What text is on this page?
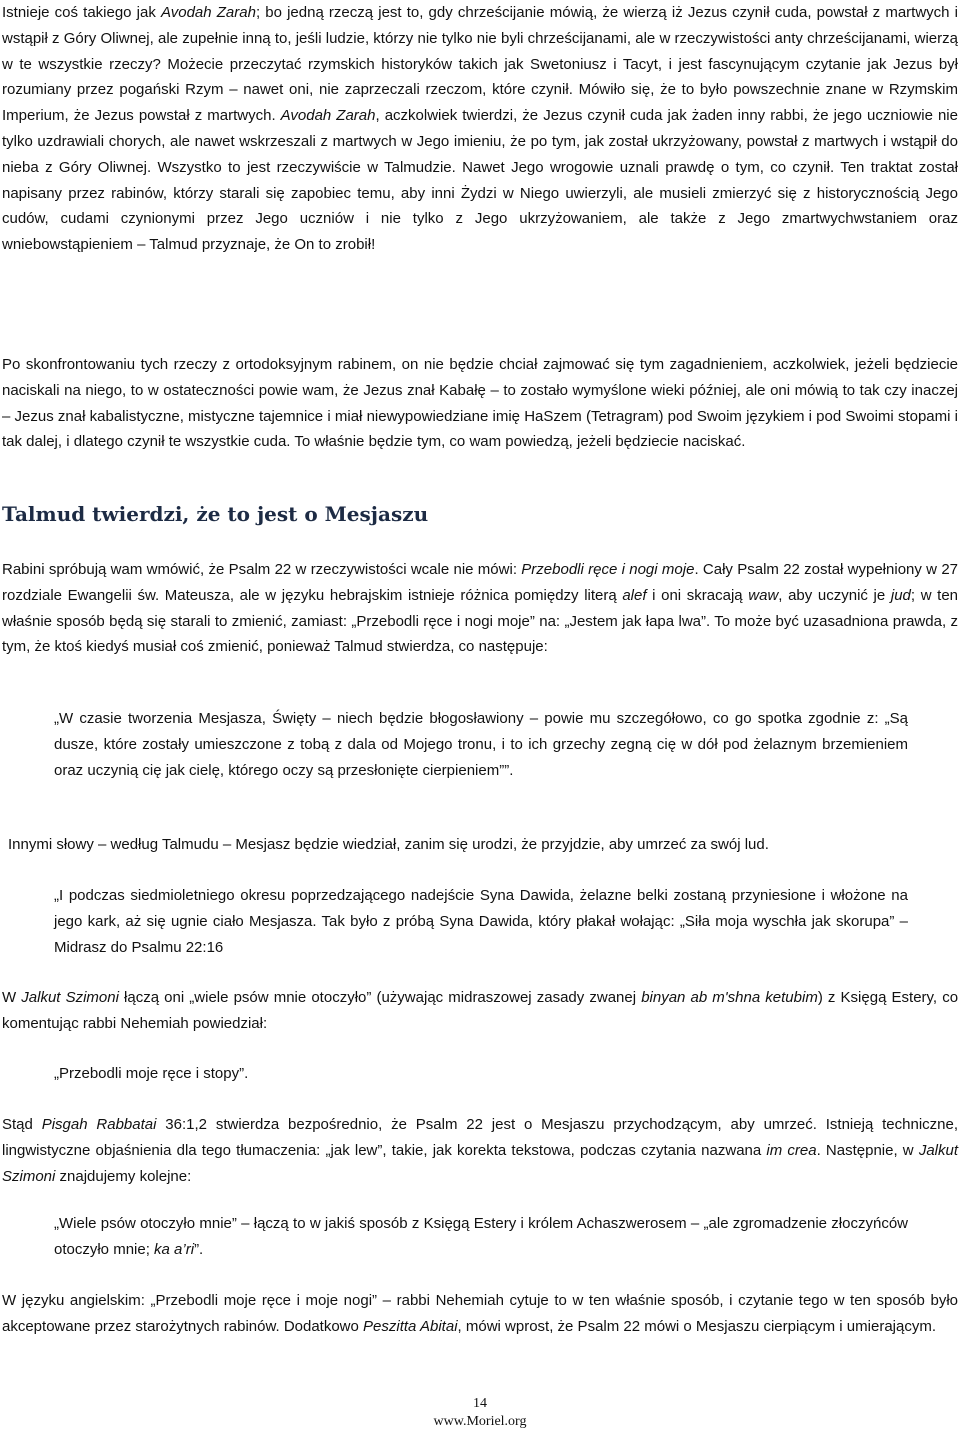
Istnieje coś takiego jak Avodah Zarah; bo jedną rzeczą jest to, gdy chrześcijanie mówią, że wierzą iż Jezus czynił cuda, powstał z martwych i wstąpił z Góry Oliwnej, ale zupełnie inną to, jeśli ludzie, którzy nie tylko nie byli chrześcijanami, ale w rzeczywistości anty chrześcijanami, wierzą w te wszystkie rzeczy? Możecie przeczytać rzymskich historyków takich jak Swetoniusz i Tacyt, i jest fascynującym czytanie jak Jezus był rozumiany przez pogański Rzym – nawet oni, nie zaprzeczali rzeczom, które czynił. Mówiło się, że to było powszechnie znane w Rzymskim Imperium, że Jezus powstał z martwych. Avodah Zarah, aczkolwiek twierdzi, że Jezus czynił cuda jak żaden inny rabbi, że jego uczniowie nie tylko uzdrawiali chorych, ale nawet wskrzeszali z martwych w Jego imieniu, że po tym, jak został ukrzyżowany, powstał z martwych i wstąpił do nieba z Góry Oliwnej. Wszystko to jest rzeczywiście w Talmudzie. Nawet Jego wrogowie uznali prawdę o tym, co czynił. Ten traktat został napisany przez rabinów, którzy starali się zapobiec temu, aby inni Żydzi w Niego uwierzyli, ale musieli zmierzyć się z historycznością Jego cudów, cudami czynionymi przez Jego uczniów i nie tylko z Jego ukrzyżowaniem, ale także z Jego zmartwychwstaniem oraz wniebowstąpieniem – Talmud przyznaje, że On to zrobił!

Po skonfrontowaniu tych rzeczy z ortodoksyjnym rabinem, on nie będzie chciał zajmować się tym zagadnieniem, aczkolwiek, jeżeli będziecie naciskali na niego, to w ostateczności powie wam, że Jezus znał Kabałę – to zostało wymyślone wieki później, ale oni mówią to tak czy inaczej – Jezus znał kabalistyczne, mistyczne tajemnice i miał niewypowiedziane imię HaSzem (Tetragram) pod Swoim językiem i pod Swoimi stopami i tak dalej, i dlatego czynił te wszystkie cuda. To właśnie będzie tym, co wam powiedzą, jeżeli będziecie naciskać.

Talmud twierdzi, że to jest o Mesjaszu

Rabini spróbują wam wmówić, że Psalm 22 w rzeczywistości wcale nie mówi: Przebodli ręce i nogi moje. Cały Psalm 22 został wypełniony w 27 rozdziale Ewangelii św. Mateusza, ale w języku hebrajskim istnieje różnica pomiędzy literą alef i oni skracają waw, aby uczynić je jud; w ten właśnie sposób będą się starali to zmienić, zamiast: „Przebodli ręce i nogi moje” na: „Jestem jak łapa lwa”. To może być uzasadniona prawda, z tym, że ktoś kiedyś musiał coś zmienić, ponieważ Talmud stwierdza, co następuje:

„W czasie tworzenia Mesjasza, Święty – niech będzie błogosławiony – powie mu szczegółowo, co go spotka zgodnie z: „Są dusze, które zostały umieszczone z tobą z dala od Mojego tronu, i to ich grzechy zegną cię w dół pod żelaznym brzemieniem oraz uczynią cię jak cielę, którego oczy są przesłonięte cierpieniem””.

Innymi słowy – według Talmudu – Mesjasz będzie wiedział, zanim się urodzi, że przyjdzie, aby umrzeć za swój lud.

„I podczas siedmioletniego okresu poprzedzającego nadejście Syna Dawida, żelazne belki zostaną przyniesione i włożone na jego kark, aż się ugnie ciało Mesjasza. Tak było z próbą Syna Dawida, który płakał wołając: „Siła moja wyschła jak skorupa” – Midrasz do Psalmu 22:16

W Jalkut Szimoni łączą oni „wiele psów mnie otoczyło” (używając midraszowej zasady zwanej binyan ab m'shna ketubim) z Księgą Estery, co komentując rabbi Nehemiah powiedział:

„Przebodli moje ręce i stopy”.

Stąd Pisgah Rabbatai 36:1,2 stwierdza bezpośrednio, że Psalm 22 jest o Mesjaszu przychodzącym, aby umrzeć. Istnieją techniczne, lingwistyczne objaśnienia dla tego tłumaczenia: „jak lew”, takie, jak korekta tekstowa, podczas czytania nazwana im crea. Następnie, w Jalkut Szimoni znajdujemy kolejne:

„Wiele psów otoczyło mnie” – łączą to w jakiś sposób z Księgą Estery i królem Achaszwerosem – „ale zgromadzenie złoczyńców otoczyło mnie; ka a’ri”.

W języku angielskim: „Przebodli moje ręce i moje nogi” – rabbi Nehemiah cytuje to w ten właśnie sposób, i czytanie tego w ten sposób było akceptowane przez starożytnych rabinów. Dodatkowo Peszitta Abitai, mówi wprost, że Psalm 22 mówi o Mesjaszu cierpiącym i umierającym.

14
www.Moriel.org
